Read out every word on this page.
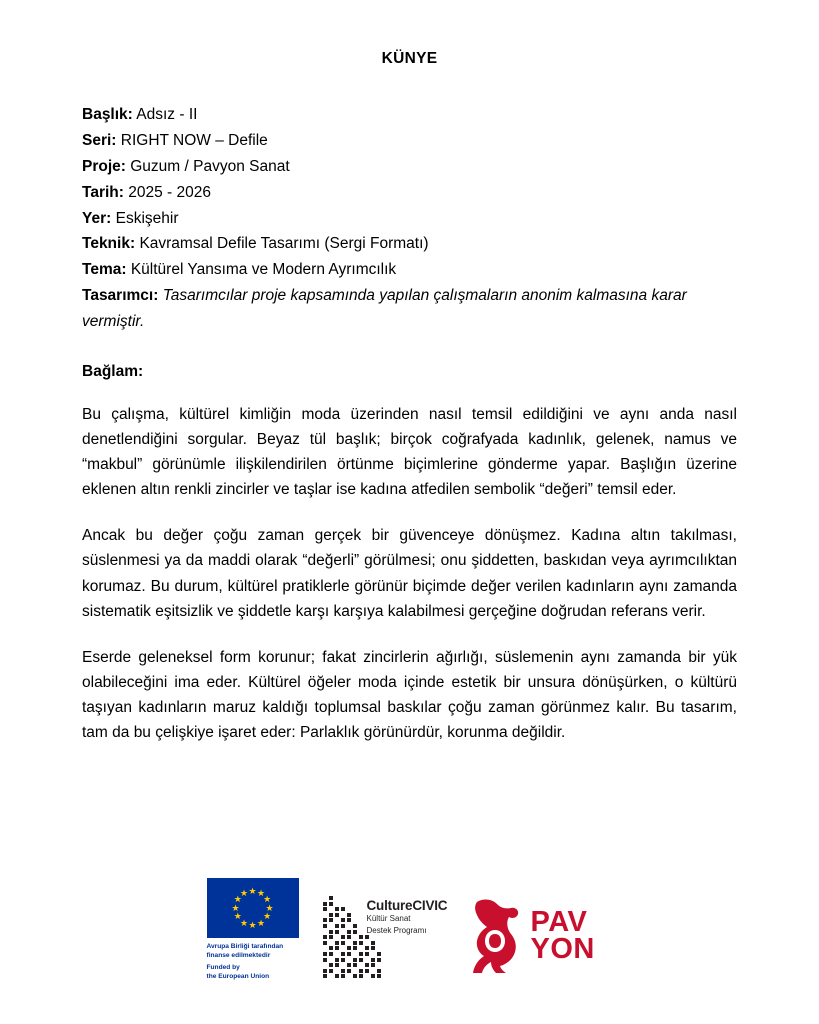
KÜNYE
Başlık: Adsız - II
Seri: RIGHT NOW – Defile
Proje: Guzum / Pavyon Sanat
Tarih: 2025 - 2026
Yer: Eskişehir
Teknik: Kavramsal Defile Tasarımı (Sergi Formatı)
Tema: Kültürel Yansıma ve Modern Ayrımcılık
Tasarımcı: Tasarımcılar proje kapsamında yapılan çalışmaların anonim kalmasına karar vermiştir.
Bağlam:

Bu çalışma, kültürel kimliğin moda üzerinden nasıl temsil edildiğini ve aynı anda nasıl denetlendiğini sorgular. Beyaz tül başlık; birçok coğrafyada kadınlık, gelenek, namus ve “makbul” görünümle ilişkilendirilen örtünme biçimlerine gönderme yapar. Başlığın üzerine eklenen altın renkli zincirler ve taşlar ise kadına atfedilen sembolik “değeri” temsil eder.

Ancak bu değer çoğu zaman gerçek bir güvenceye dönüşmez. Kadına altın takılması, süslenmesi ya da maddi olarak “değerli” görülmesi; onu şiddetten, baskıdan veya ayrımcılıktan korumaz. Bu durum, kültürel pratiklerle görünür biçimde değer verilen kadınların aynı zamanda sistematik eşitsizlik ve şiddetle karşı karşıya kalabilmesi gerçeğine doğrudan referans verir.

Eserde geleneksel form korunur; fakat zincirlerin ağırlığı, süslemenin aynı zamanda bir yük olabileceğini ima eder. Kültürel öğeler moda içinde estetik bir unsura dönüşürken, o kültürü taşıyan kadınların maruz kaldığı toplumsal baskılar çoğu zaman görünmez kalır. Bu tasarım, tam da bu çelişkiye işaret eder: Parlaklık görünürdür, korunma değildir.

★ ★
★
★
★
★
★
★
★
★
★
★
Avrupa Birliği tarafından
finanse edilmektedir
Funded by
the European Union
CultureCIVIC
Kültür Sanat
Destek Programı	PAV
YON
